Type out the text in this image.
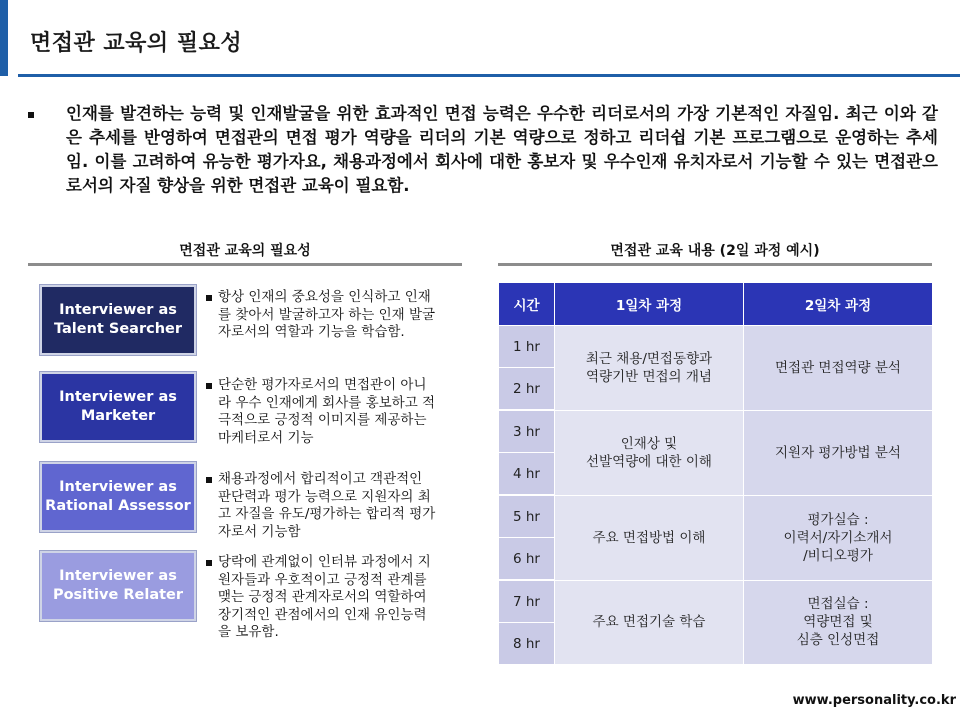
면접관 교육의 필요성
인재를 발견하는 능력 및 인재발굴을 위한 효과적인 면접 능력은 우수한 리더로서의 가장 기본적인 자질임. 최근 이와 같은 추세를 반영하여 면접관의 면접 평가 역량을 리더의 기본 역량으로 정하고 리더쉽 기본 프로그램으로 운영하는 추세임. 이를 고려하여 유능한 평가자요, 채용과정에서 회사에 대한 홍보자 및 우수인재 유치자로서 기능할 수 있는 면접관으로서의 자질 향상을 위한 면접관 교육이 필요함.
면접관 교육의 필요성
Interviewer as
Talent Searcher
항상 인재의 중요성을 인식하고 인재를 찾아서 발굴하고자 하는 인재 발굴자로서의 역할과 기능을 학습함.
Interviewer as
Marketer
단순한 평가자로서의 면접관이 아니라 우수 인재에게 회사를 홍보하고 적극적으로 긍정적 이미지를 제공하는 마케터로서 기능
Interviewer as
Rational Assessor
채용과정에서 합리적이고 객관적인 판단력과 평가 능력으로 지원자의 최고 자질을 유도/평가하는 합리적 평가자로서 기능함
Interviewer as
Positive Relater
당락에 관계없이 인터뷰 과정에서 지원자들과 우호적이고 긍정적 관계를 맺는 긍정적 관계자로서의 역할하여 장기적인 관점에서의 인재 유인능력을 보유함.
면접관 교육 내용 (2일 과정 예시)
시간	1일차 과정	2일차 과정
1 hr	최근 채용/면접동향과
역량기반 면접의 개념	면접관 면접역량 분석
2 hr		
3 hr	인재상 및
선발역량에 대한 이해	지원자 평가방법 분석
4 hr		
5 hr	주요 면접방법 이해	평가실습 :
이력서/자기소개서
/비디오평가
6 hr		
7 hr	주요 면접기술 학습	면접실습 :
역량면접 및
심층 인성면접
8 hr		
www.personality.co.kr
